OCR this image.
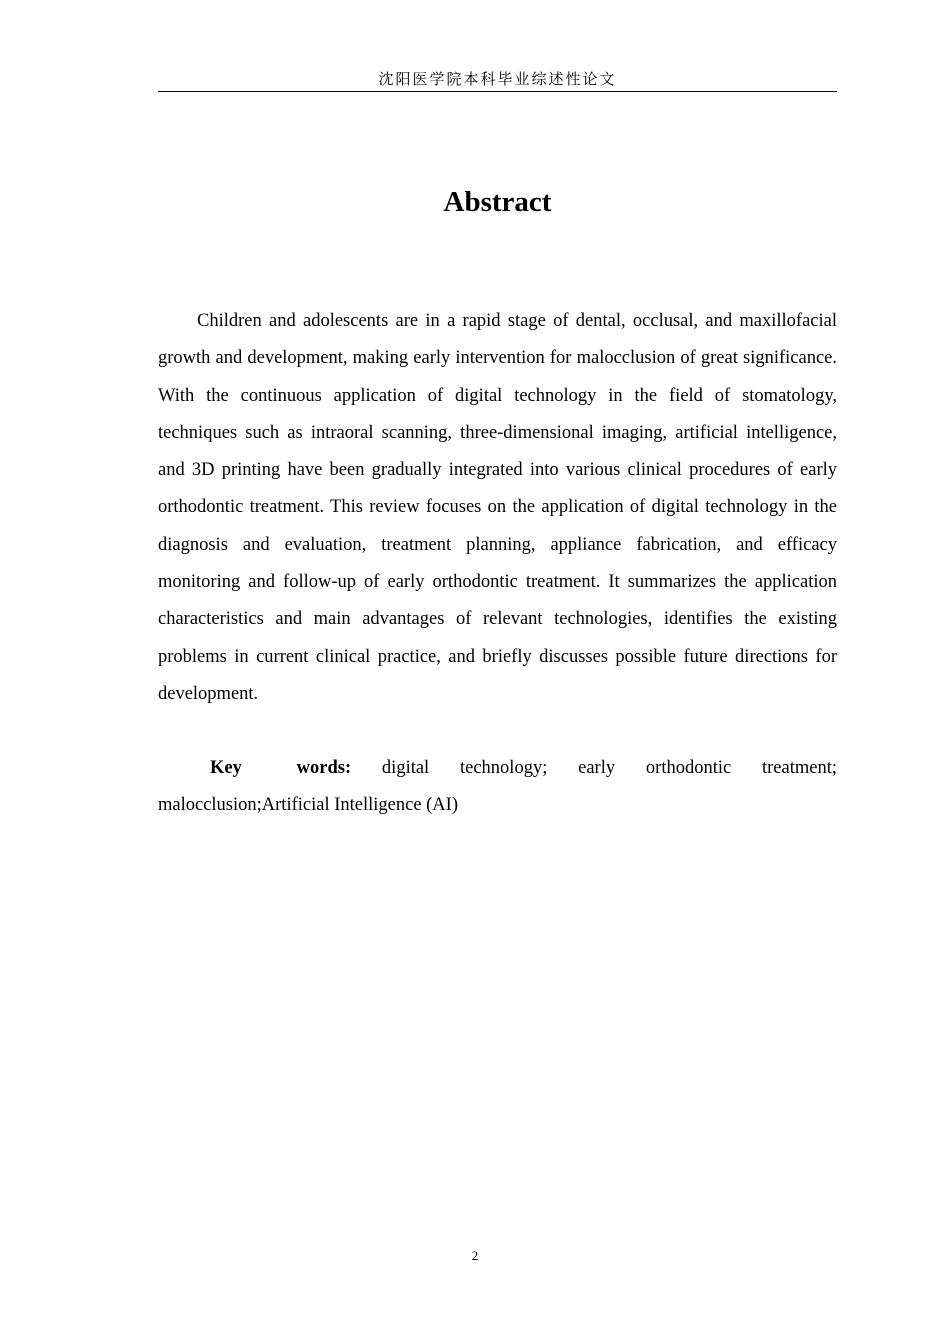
沈阳医学院本科毕业综述性论文
Abstract

Children and adolescents are in a rapid stage of dental, occlusal, and maxillofacial growth and development, making early intervention for malocclusion of great significance. With the continuous application of digital technology in the field of stomatology, techniques such as intraoral scanning, three-dimensional imaging, artificial intelligence, and 3D printing have been gradually integrated into various clinical procedures of early orthodontic treatment. This review focuses on the application of digital technology in the diagnosis and evaluation, treatment planning, appliance fabrication, and efficacy monitoring and follow-up of early orthodontic treatment. It summarizes the application characteristics and main advantages of relevant technologies, identifies the existing problems in current clinical practice, and briefly discusses possible future directions for development.

Key words: digital technology; early orthodontic treatment; malocclusion;Artificial Intelligence (AI)

2
